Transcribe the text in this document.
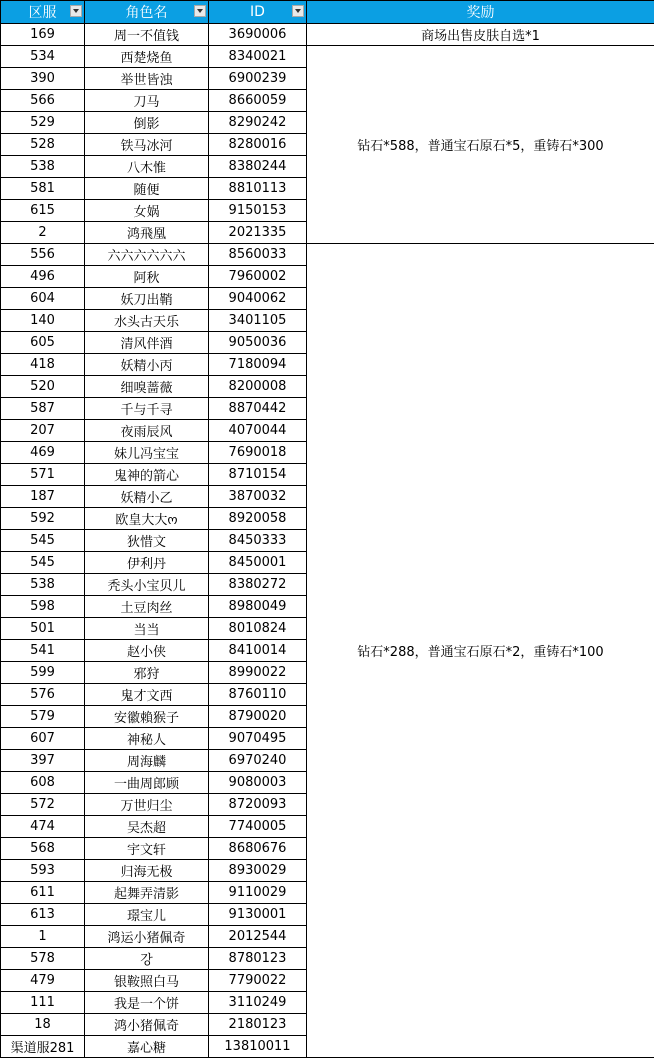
区服	角色名	ID	奖励
169	周一不值钱	3690006	商场出售皮肤自选*1
534	西楚烧鱼	8340021	钻石*588，普通宝石原石*5，重铸石*300
390	举世皆浊	6900239	
566	刀马	8660059	
529	倒影	8290242	
528	铁马冰河	8280016	
538	八木惟	8380244	
581	随便	8810113	
615	女娲	9150153	
2	鸿飛凰	2021335	
556	六六六六六六	8560033	钻石*288，普通宝石原石*2，重铸石*100
496	阿秋	7960002	
604	妖刀出鞘	9040062	
140	水头古天乐	3401105	
605	清风伴酒	9050036	
418	妖精小丙	7180094	
520	细嗅蔷薇	8200008	
587	千与千寻	8870442	
207	夜雨辰风	4070044	
469	妹儿冯宝宝	7690018	
571	鬼神的箭心	8710154	
187	妖精小乙	3870032	
592	欧皇大大ო	8920058	
545	狄惜文	8450333	
545	伊利丹	8450001	
538	秃头小宝贝儿	8380272	
598	土豆肉丝	8980049	
501	当当	8010824	
541	赵小侠	8410014	
599	邪狩	8990022	
576	鬼才文西	8760110	
579	安徽賴猴子	8790020	
607	神秘人	9070495	
397	周海麟	6970240	
608	一曲周郎顾	9080003	
572	万世归尘	8720093	
474	吴杰超	7740005	
568	宇文轩	8680676	
593	归海无极	8930029	
611	起舞弄清影	9110029	
613	璟宝儿	9130001	
1	鸿运小猪佩奇	2012544	
578	강	8780123	
479	银鞍照白马	7790022	
111	我是一个饼	3110249	
18	鸿小猪佩奇	2180123	
渠道服281	嘉心糖	13810011	
